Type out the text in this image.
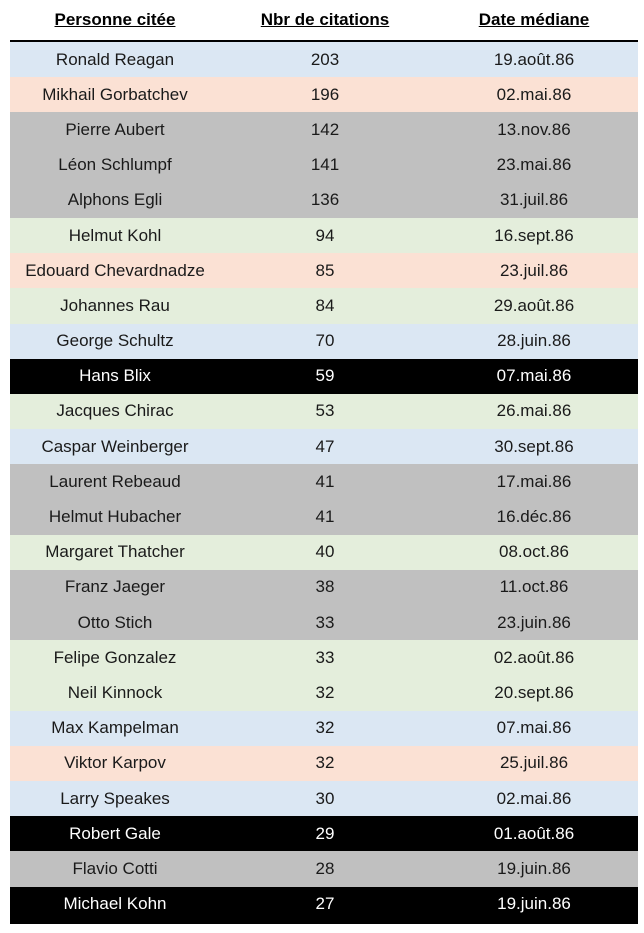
Personne citée	Nbr de citations	Date médiane
Ronald Reagan	203	19.août.86
Mikhail Gorbatchev	196	02.mai.86
Pierre Aubert	142	13.nov.86
Léon Schlumpf	141	23.mai.86
Alphons Egli	136	31.juil.86
Helmut Kohl	94	16.sept.86
Edouard Chevardnadze	85	23.juil.86
Johannes Rau	84	29.août.86
George Schultz	70	28.juin.86
Hans Blix	59	07.mai.86
Jacques Chirac	53	26.mai.86
Caspar Weinberger	47	30.sept.86
Laurent Rebeaud	41	17.mai.86
Helmut Hubacher	41	16.déc.86
Margaret Thatcher	40	08.oct.86
Franz Jaeger	38	11.oct.86
Otto Stich	33	23.juin.86
Felipe Gonzalez	33	02.août.86
Neil Kinnock	32	20.sept.86
Max Kampelman	32	07.mai.86
Viktor Karpov	32	25.juil.86
Larry Speakes	30	02.mai.86
Robert Gale	29	01.août.86
Flavio Cotti	28	19.juin.86
Michael Kohn	27	19.juin.86
